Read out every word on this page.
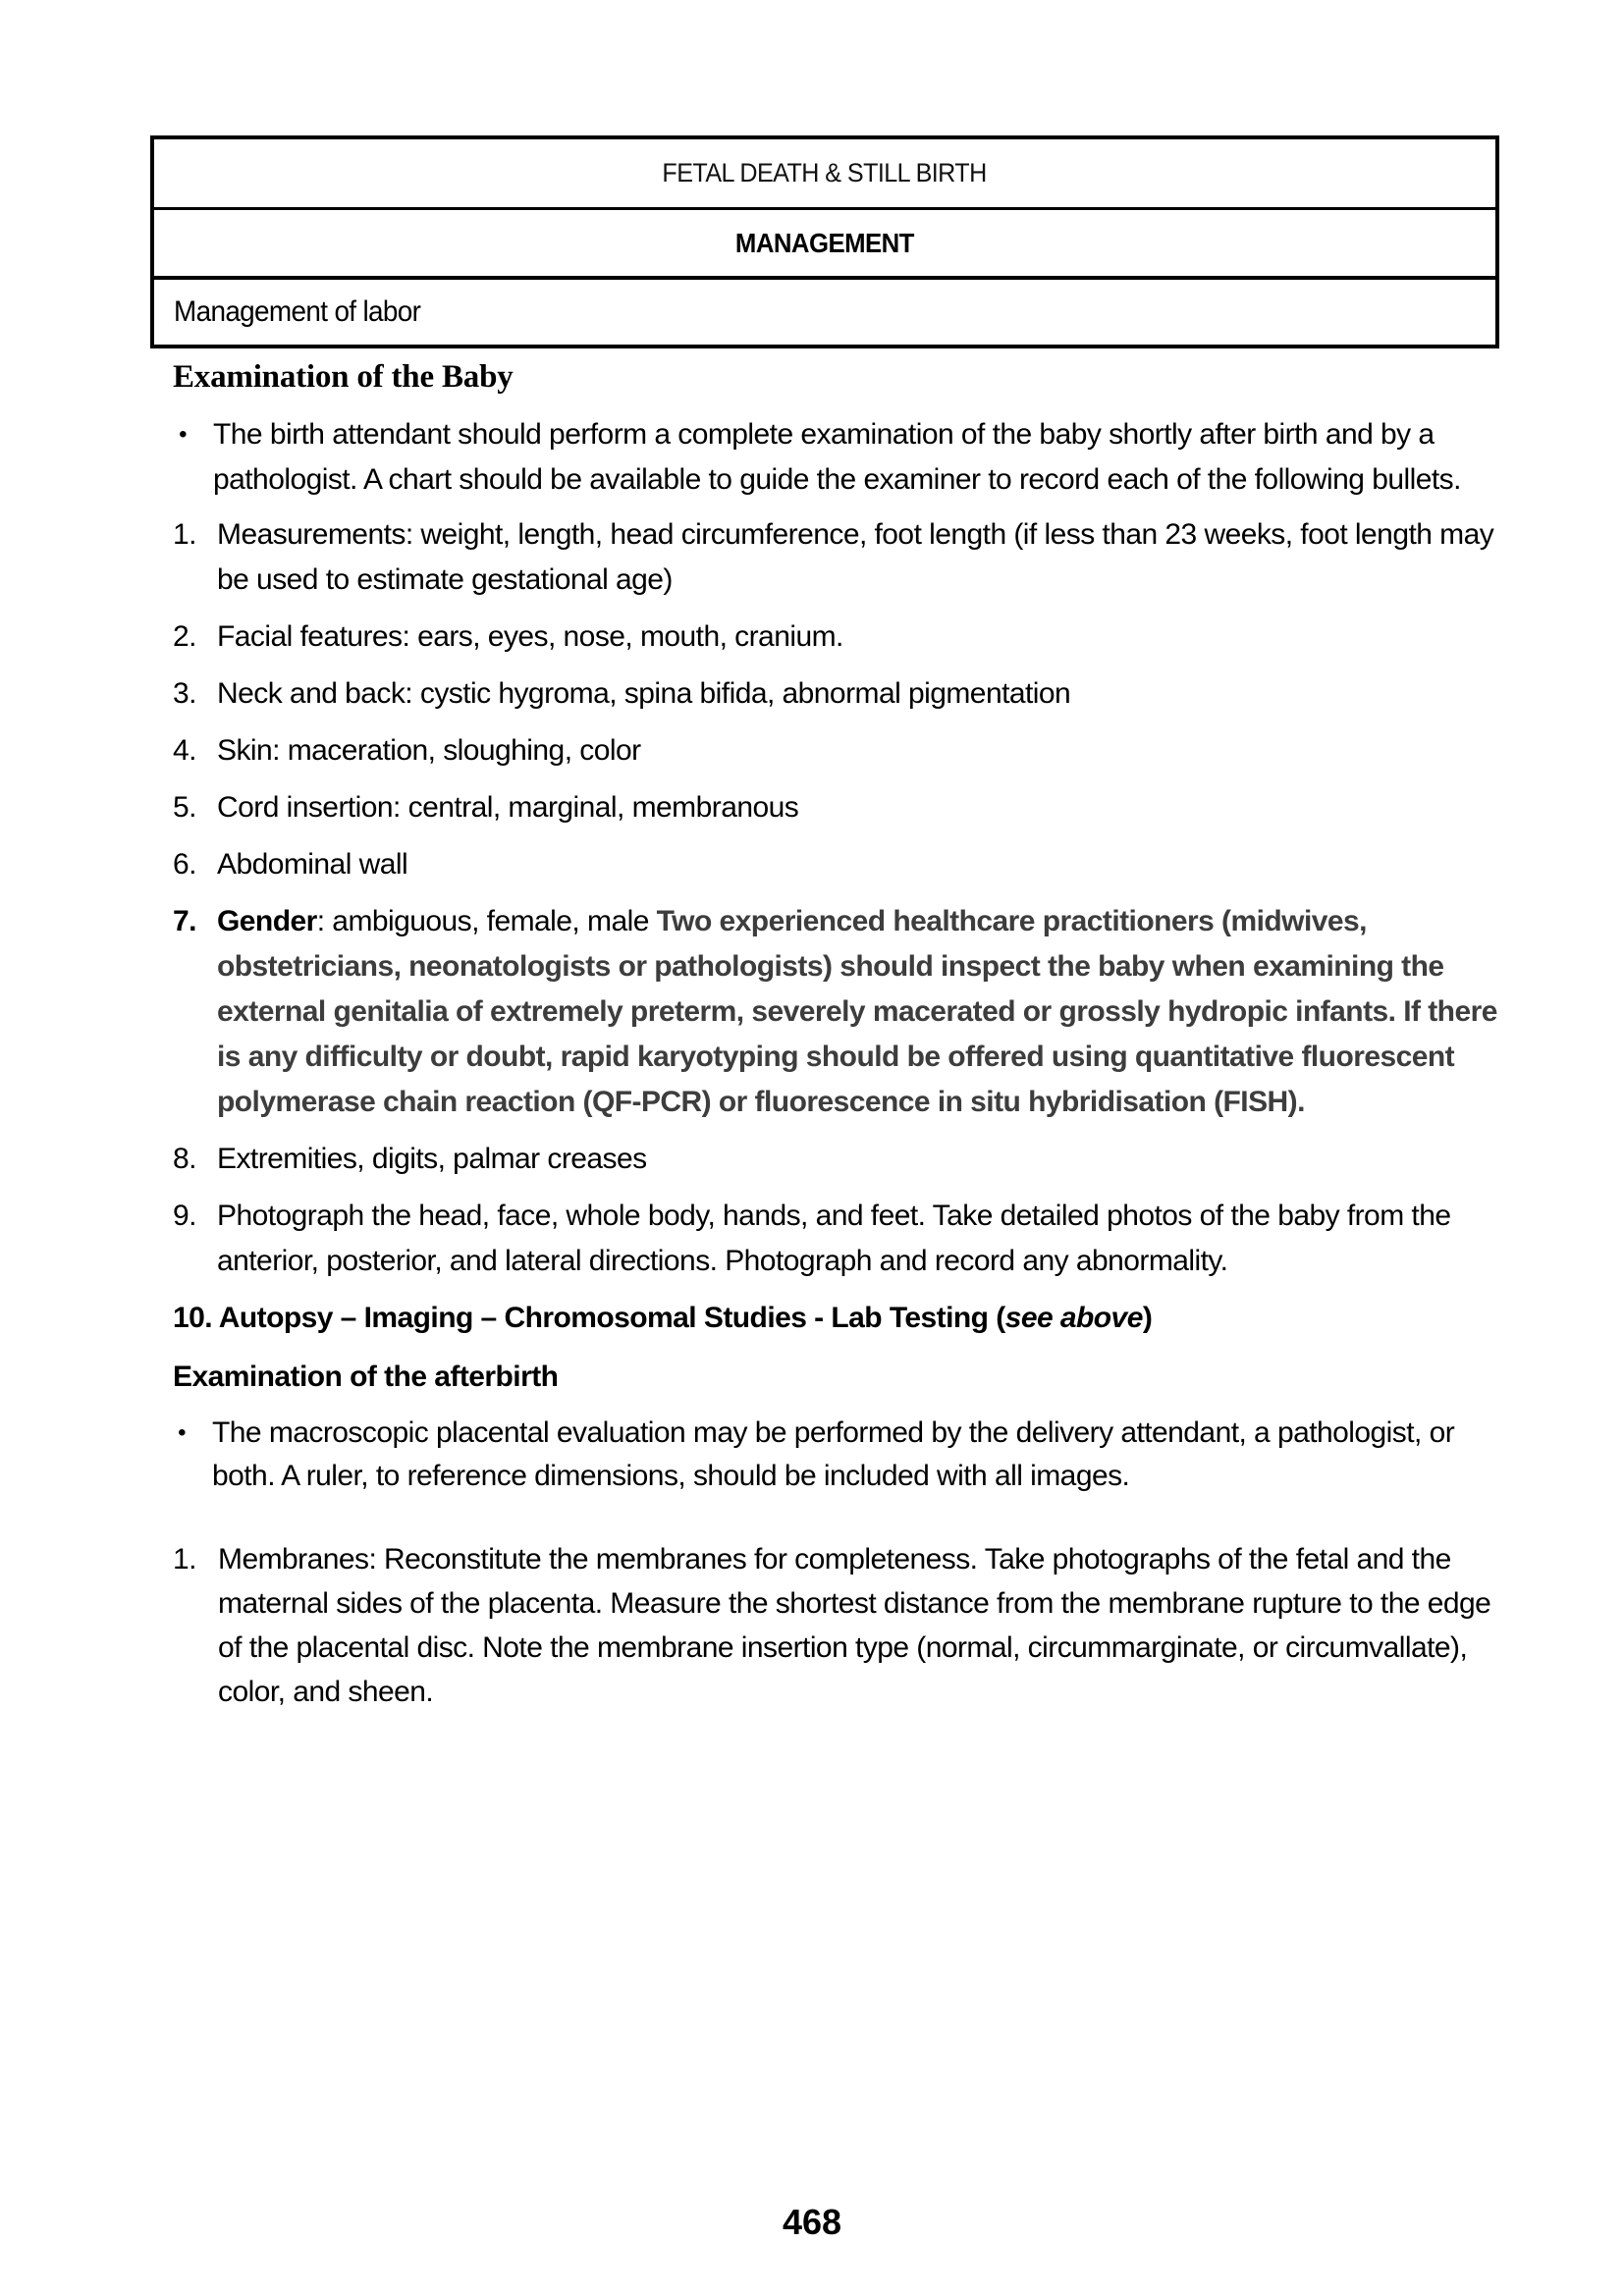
FETAL DEATH & STILL BIRTH
MANAGEMENT
Management of labor
Examination of the Baby
• The birth attendant should perform a complete examination of the baby shortly after birth and by a pathologist. A chart should be available to guide the examiner to record each of the following bullets.
1. Measurements: weight, length, head circumference, foot length (if less than 23 weeks, foot length may be used to estimate gestational age)
2. Facial features: ears, eyes, nose, mouth, cranium.
3. Neck and back: cystic hygroma, spina bifida, abnormal pigmentation
4. Skin: maceration, sloughing, color
5. Cord insertion: central, marginal, membranous
6. Abdominal wall
7. Gender: ambiguous, female, male Two experienced healthcare practitioners (midwives, obstetricians, neonatologists or pathologists) should inspect the baby when examining the external genitalia of extremely preterm, severely macerated or grossly hydropic infants. If there is any difficulty or doubt, rapid karyotyping should be offered using quantitative fluorescent polymerase chain reaction (QF-PCR) or fluorescence in situ hybridisation (FISH).
8. Extremities, digits, palmar creases
9. Photograph the head, face, whole body, hands, and feet. Take detailed photos of the baby from the anterior, posterior, and lateral directions. Photograph and record any abnormality.
10. Autopsy – Imaging – Chromosomal Studies - Lab Testing (see above)
Examination of the afterbirth
• The macroscopic placental evaluation may be performed by the delivery attendant, a pathologist, or both. A ruler, to reference dimensions, should be included with all images.
1. Membranes: Reconstitute the membranes for completeness. Take photographs of the fetal and the maternal sides of the placenta. Measure the shortest distance from the membrane rupture to the edge of the placental disc. Note the membrane insertion type (normal, circummarginate, or circumvallate), color, and sheen.
468
